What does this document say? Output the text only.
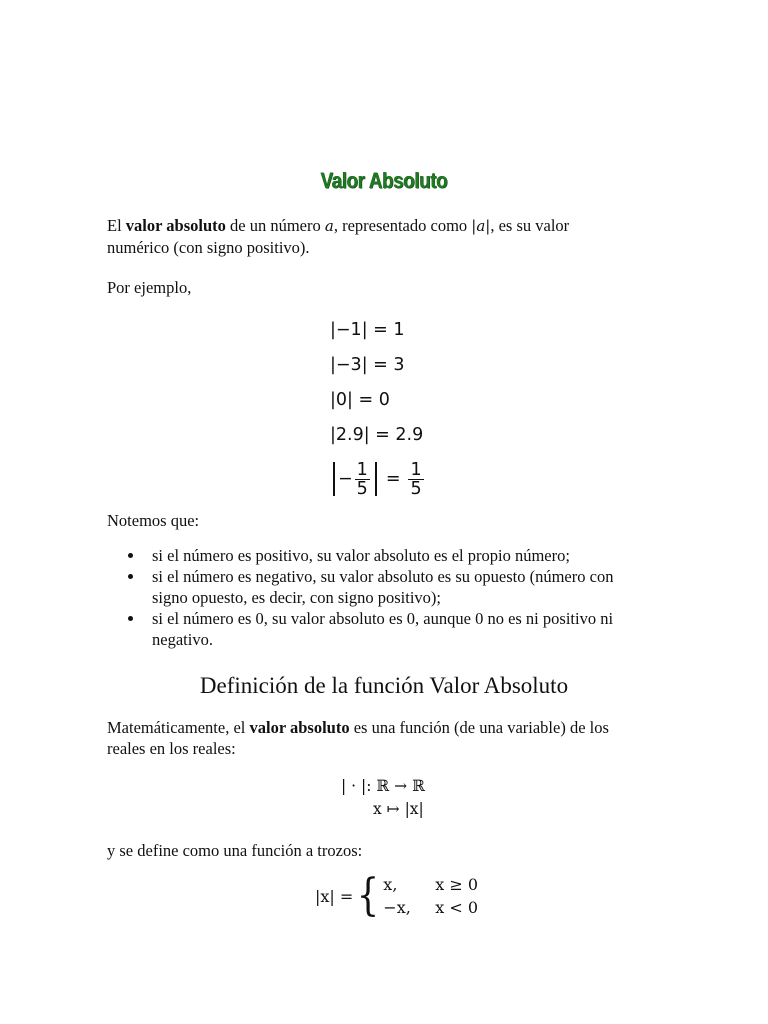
Valor Absoluto
El valor absoluto de un número a, representado como |a|, es su valor
numérico (con signo positivo).
Por ejemplo,
|−1| = 1
|−3| = 3
|0| = 0
|2.9| = 2.9
− $\frac{1}{5} = \frac{1}{5}$
Notemos que:
si el número es positivo, su valor absoluto es el propio número;
si el número es negativo, su valor absoluto es su opuesto (número con
signo opuesto, es decir, con signo positivo);
si el número es 0, su valor absoluto es 0, aunque 0 no es ni positivo ni
negativo.
Definición de la función Valor Absoluto
Matemáticamente, el valor absoluto es una función (de una variable) de los
reales en los reales:
| · |: ℝ → ℝ
x ↦ |x|
y se define como una función a trozos:
|x| = { x,	x ≥ 0
−x,	x < 0
